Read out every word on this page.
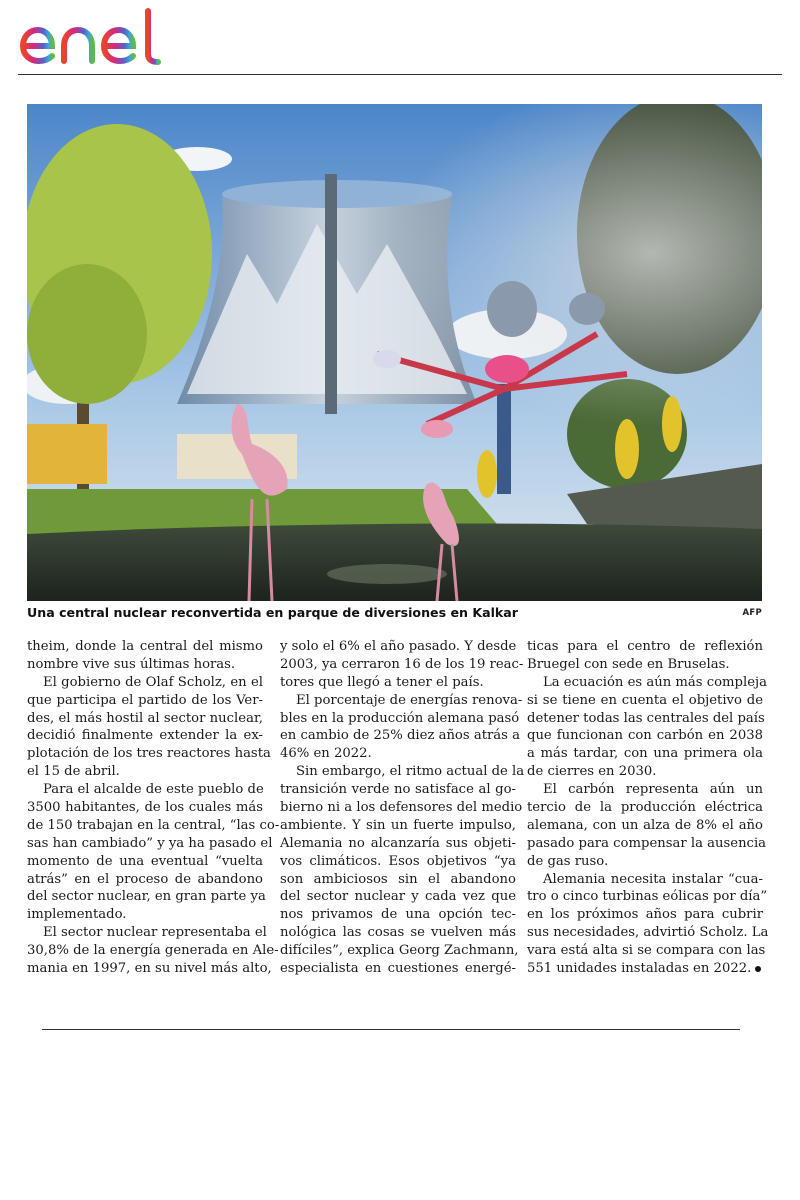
Una central nuclear reconvertida en parque de diversiones en Kalkar	AFP
theim, donde la central del mismo
nombre vive sus últimas horas.
El gobierno de Olaf Scholz, en el
que participa el partido de los Ver-
des, el más hostil al sector nuclear,
decidió finalmente extender la ex-
plotación de los tres reactores hasta
el 15 de abril.
Para el alcalde de este pueblo de
3500 habitantes, de los cuales más
de 150 trabajan en la central, “las co-
sas han cambiado” y ya ha pasado el
momento de una eventual “vuelta
atrás” en el proceso de abandono
del sector nuclear, en gran parte ya
implementado.
El sector nuclear representaba el
30,8% de la energía generada en Ale-
mania en 1997, en su nivel más alto,
y solo el 6% el año pasado. Y desde
2003, ya cerraron 16 de los 19 reac-
tores que llegó a tener el país.
El porcentaje de energías renova-
bles en la producción alemana pasó
en cambio de 25% diez años atrás a
46% en 2022.
Sin embargo, el ritmo actual de la
transición verde no satisface al go-
bierno ni a los defensores del medio
ambiente. Y sin un fuerte impulso,
Alemania no alcanzaría sus objeti-
vos climáticos. Esos objetivos “ya
son ambiciosos sin el abandono
del sector nuclear y cada vez que
nos privamos de una opción tec-
nológica las cosas se vuelven más
difíciles”, explica Georg Zachmann,
especialista en cuestiones energé-
ticas para el centro de reflexión
Bruegel con sede en Bruselas.
La ecuación es aún más compleja
si se tiene en cuenta el objetivo de
detener todas las centrales del país
que funcionan con carbón en 2038
a más tardar, con una primera ola
de cierres en 2030.
El carbón representa aún un
tercio de la producción eléctrica
alemana, con un alza de 8% el año
pasado para compensar la ausencia
de gas ruso.
Alemania necesita instalar “cua-
tro o cinco turbinas eólicas por día”
en los próximos años para cubrir
sus necesidades, advirtió Scholz. La
vara está alta si se compara con las
551 unidades instaladas en 2022.
